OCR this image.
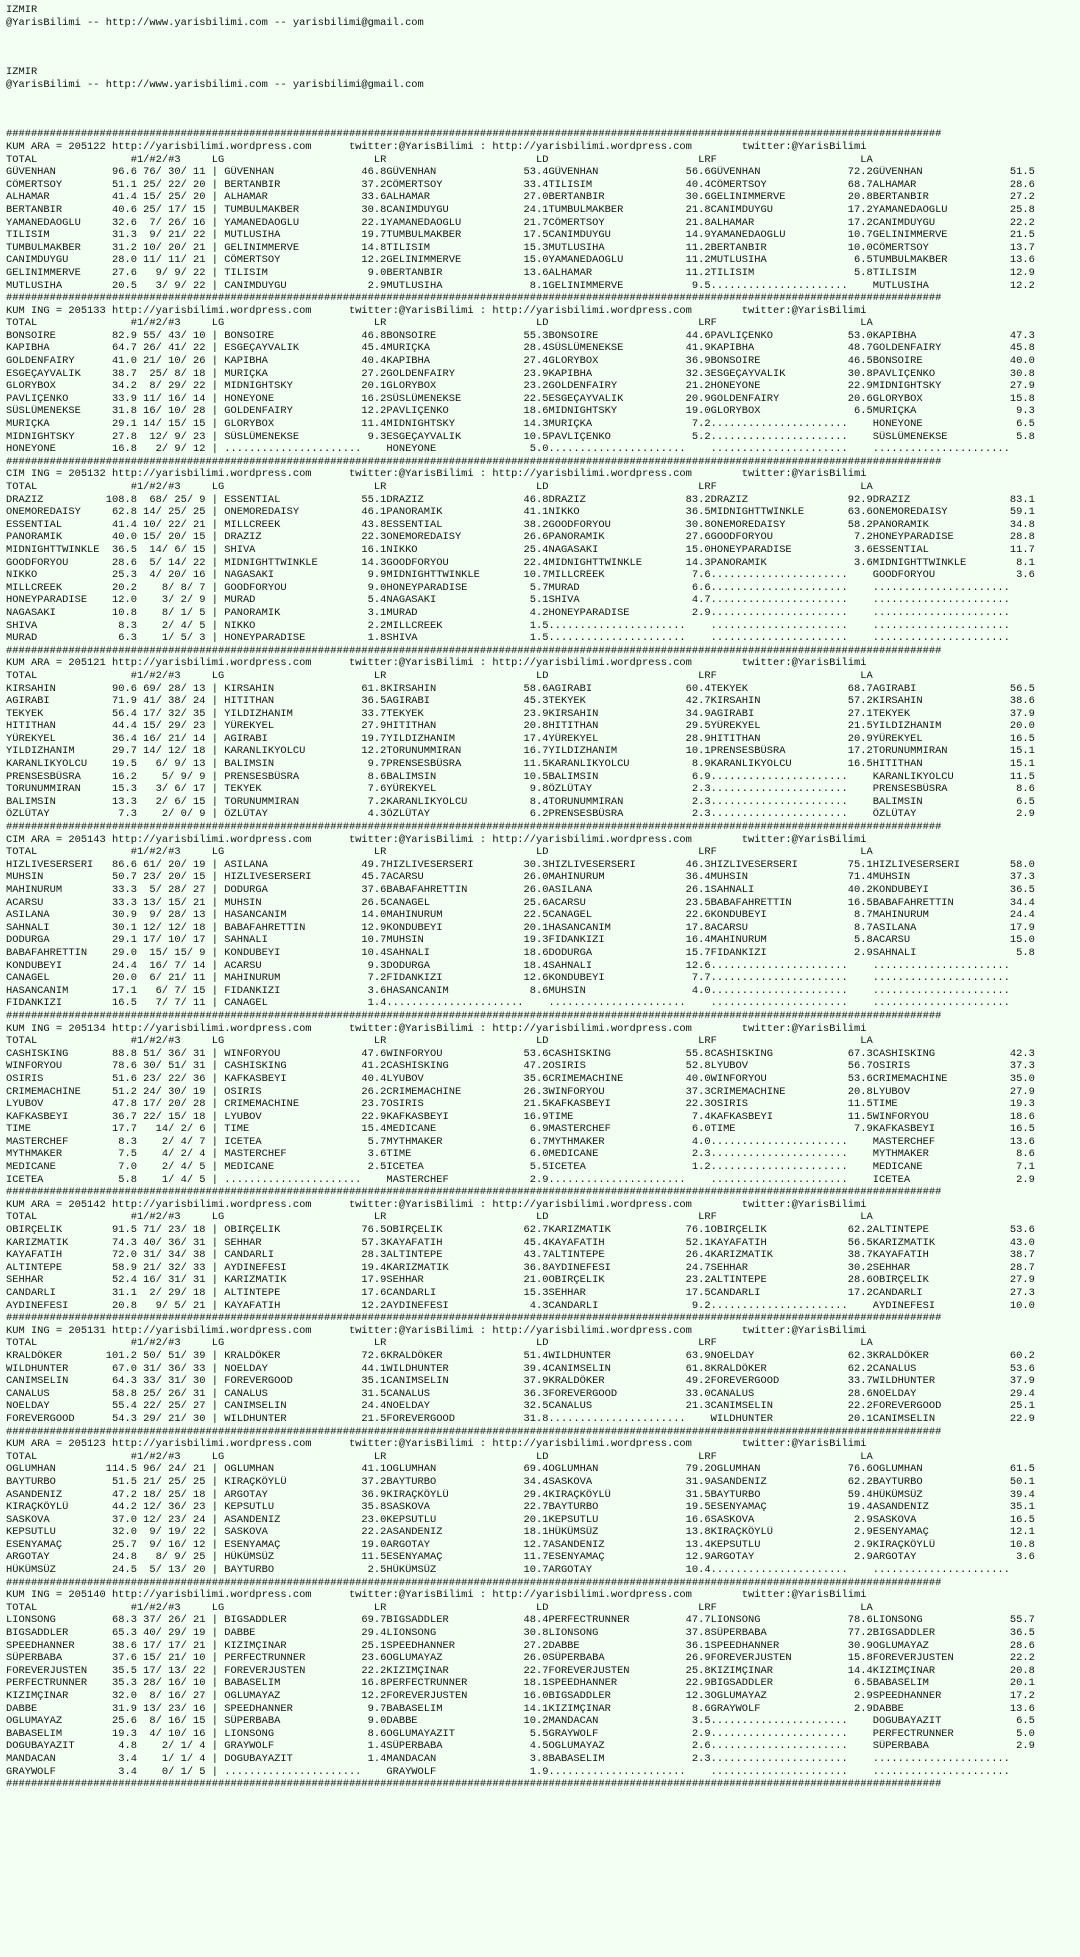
IZMIR
@YarisBilimi -- http://www.yarisbilimi.com -- yarisbilimi@gmail.com
IZMIR
@YarisBilimi -- http://www.yarisbilimi.com -- yarisbilimi@gmail.com
######################################################################################################################################################
KUM ARA = 205122 http://yarisbilimi.wordpress.com      twitter:@YarisBilimi : http://yarisbilimi.wordpress.com        twitter:@YarisBilimi
TOTAL               #1/#2/#3     LG                        LR                        LD                        LRF                       LA
GÜVENHAN         96.6 76/ 30/ 11 | GÜVENHAN              46.8GÜVENHAN              53.4GÜVENHAN              56.6GÜVENHAN              72.2GÜVENHAN              51.5
CÖMERTSOY        51.1 25/ 22/ 20 | BERTANBIR             37.2CÖMERTSOY             33.4TILISIM               40.4CÖMERTSOY             68.7ALHAMAR               28.6
ALHAMAR          41.4 15/ 25/ 20 | ALHAMAR               33.6ALHAMAR               27.0BERTANBIR             30.6GELINIMMERVE          20.8BERTANBIR             27.2
BERTANBIR        40.6 25/ 17/ 15 | TUMBULMAKBER          30.8CANIMDUYGU            24.1TUMBULMAKBER          21.8CANIMDUYGU            17.2YAMANEDAOGLU          25.8
YAMANEDAOGLU     32.6  7/ 26/ 16 | YAMANEDAOGLU          22.1YAMANEDAOGLU          21.7CÖMERTSOY             21.8ALHAMAR               17.2CANIMDUYGU            22.2
TILISIM          31.3  9/ 21/ 22 | MUTLUSIHA             19.7TUMBULMAKBER          17.5CANIMDUYGU            14.9YAMANEDAOGLU          10.7GELINIMMERVE          21.5
TUMBULMAKBER     31.2 10/ 20/ 21 | GELINIMMERVE          14.8TILISIM               15.3MUTLUSIHA             11.2BERTANBIR             10.0CÖMERTSOY             13.7
CANIMDUYGU       28.0 11/ 11/ 21 | CÖMERTSOY             12.2GELINIMMERVE          15.0YAMANEDAOGLU          11.2MUTLUSIHA              6.5TUMBULMAKBER          13.6
GELINIMMERVE     27.6   9/ 9/ 22 | TILISIM                9.0BERTANBIR             13.6ALHAMAR               11.2TILISIM                5.8TILISIM               12.9
MUTLUSIHA        20.5   3/ 9/ 22 | CANIMDUYGU             2.9MUTLUSIHA              8.1GELINIMMERVE           9.5......................    MUTLUSIHA             12.2
######################################################################################################################################################
KUM ING = 205133 http://yarisbilimi.wordpress.com      twitter:@YarisBilimi : http://yarisbilimi.wordpress.com        twitter:@YarisBilimi
TOTAL               #1/#2/#3     LG                        LR                        LD                        LRF                       LA
BONSOIRE         82.9 55/ 43/ 10 | BONSOIRE              46.8BONSOIRE              55.3BONSOIRE              44.6PAVLIÇENKO            53.0KAPIBHA               47.3
KAPIBHA          64.7 26/ 41/ 22 | ESGEÇAYVALIK          45.4MURIÇKA               28.4SÜSLÜMENEKSE          41.9KAPIBHA               48.7GOLDENFAIRY           45.8
GOLDENFAIRY      41.0 21/ 10/ 26 | KAPIBHA               40.4KAPIBHA               27.4GLORYBOX              36.9BONSOIRE              46.5BONSOIRE              40.0
ESGEÇAYVALIK     38.7  25/ 8/ 18 | MURIÇKA               27.2GOLDENFAIRY           23.9KAPIBHA               32.3ESGEÇAYVALIK          30.8PAVLIÇENKO            30.8
GLORYBOX         34.2  8/ 29/ 22 | MIDNIGHTSKY           20.1GLORYBOX              23.2GOLDENFAIRY           21.2HONEYONE              22.9MIDNIGHTSKY           27.9
PAVLIÇENKO       33.9 11/ 16/ 14 | HONEYONE              16.2SÜSLÜMENEKSE          22.5ESGEÇAYVALIK          20.9GOLDENFAIRY           20.6GLORYBOX              15.8
SÜSLÜMENEKSE     31.8 16/ 10/ 28 | GOLDENFAIRY           12.2PAVLIÇENKO            18.6MIDNIGHTSKY           19.0GLORYBOX               6.5MURIÇKA                9.3
MURIÇKA          29.1 14/ 15/ 15 | GLORYBOX              11.4MIDNIGHTSKY           14.3MURIÇKA                7.2......................    HONEYONE               6.5
MIDNIGHTSKY      27.8  12/ 9/ 23 | SÜSLÜMENEKSE           9.3ESGEÇAYVALIK          10.5PAVLIÇENKO             5.2......................    SÜSLÜMENEKSE           5.8
HONEYONE         16.8   2/ 9/ 12 | ......................    HONEYONE               5.0......................    ......................    ......................
######################################################################################################################################################
CIM ING = 205132 http://yarisbilimi.wordpress.com      twitter:@YarisBilimi : http://yarisbilimi.wordpress.com        twitter:@YarisBilimi
TOTAL               #1/#2/#3     LG                        LR                        LD                        LRF                       LA
DRAZIZ          108.8  68/ 25/ 9 | ESSENTIAL             55.1DRAZIZ                46.8DRAZIZ                83.2DRAZIZ                92.9DRAZIZ                83.1
ONEMOREDAISY     62.8 14/ 25/ 25 | ONEMOREDAISY          46.1PANORAMIK             41.1NIKKO                 36.5MIDNIGHTTWINKLE       63.6ONEMOREDAISY          59.1
ESSENTIAL        41.4 10/ 22/ 21 | MILLCREEK             43.8ESSENTIAL             38.2GOODFORYOU            30.8ONEMOREDAISY          58.2PANORAMIK             34.8
PANORAMIK        40.0 15/ 20/ 15 | DRAZIZ                22.3ONEMOREDAISY          26.6PANORAMIK             27.6GOODFORYOU             7.2HONEYPARADISE         28.8
MIDNIGHTTWINKLE  36.5  14/ 6/ 15 | SHIVA                 16.1NIKKO                 25.4NAGASAKI              15.0HONEYPARADISE          3.6ESSENTIAL             11.7
GOODFORYOU       28.6  5/ 14/ 22 | MIDNIGHTTWINKLE       14.3GOODFORYOU            22.4MIDNIGHTTWINKLE       14.3PANORAMIK              3.6MIDNIGHTTWINKLE        8.1
NIKKO            25.3  4/ 20/ 16 | NAGASAKI               9.9MIDNIGHTTWINKLE       10.7MILLCREEK              7.6......................    GOODFORYOU             3.6
MILLCREEK        20.2    8/ 8/ 7 | GOODFORYOU             9.0HONEYPARADISE          5.7MURAD                  6.6......................    ......................
HONEYPARADISE    12.0    3/ 2/ 9 | MURAD                  5.4NAGASAKI               5.1SHIVA                  4.7......................    ......................
NAGASAKI         10.8    8/ 1/ 5 | PANORAMIK              3.1MURAD                  4.2HONEYPARADISE          2.9......................    ......................
SHIVA             8.3    2/ 4/ 5 | NIKKO                  2.2MILLCREEK              1.5......................    ......................    ......................
MURAD             6.3    1/ 5/ 3 | HONEYPARADISE          1.8SHIVA                  1.5......................    ......................    ......................
######################################################################################################################################################
KUM ARA = 205121 http://yarisbilimi.wordpress.com      twitter:@YarisBilimi : http://yarisbilimi.wordpress.com        twitter:@YarisBilimi
TOTAL               #1/#2/#3     LG                        LR                        LD                        LRF                       LA
KIRSAHIN         90.6 69/ 28/ 13 | KIRSAHIN              61.8KIRSAHIN              58.6AGIRABI               60.4TEKYEK                68.7AGIRABI               56.5
AGIRABI          71.9 41/ 38/ 24 | HITITHAN              36.5AGIRABI               45.3TEKYEK                42.7KIRSAHIN              57.2KIRSAHIN              38.6
TEKYEK           56.4 17/ 32/ 35 | YILDIZHANIM           33.7TEKYEK                23.9KIRSAHIN              34.9AGIRABI               27.1TEKYEK                37.9
HITITHAN         44.4 15/ 29/ 23 | YÜREKYEL              27.9HITITHAN              20.8HITITHAN              29.5YÜREKYEL              21.5YILDIZHANIM           20.0
YÜREKYEL         36.4 16/ 21/ 14 | AGIRABI               19.7YILDIZHANIM           17.4YÜREKYEL              28.9HITITHAN              20.9YÜREKYEL              16.5
YILDIZHANIM      29.7 14/ 12/ 18 | KARANLIKYOLCU         12.2TORUNUMMIRAN          16.7YILDIZHANIM           10.1PRENSESBÜSRA          17.2TORUNUMMIRAN          15.1
KARANLIKYOLCU    19.5   6/ 9/ 13 | BALIMSIN               9.7PRENSESBÜSRA          11.5KARANLIKYOLCU          8.9KARANLIKYOLCU         16.5HITITHAN              15.1
PRENSESBÜSRA     16.2    5/ 9/ 9 | PRENSESBÜSRA           8.6BALIMSIN              10.5BALIMSIN               6.9......................    KARANLIKYOLCU         11.5
TORUNUMMIRAN     15.3   3/ 6/ 17 | TEKYEK                 7.6YÜREKYEL               9.8ÖZLÜTAY                2.3......................    PRENSESBÜSRA           8.6
BALIMSIN         13.3   2/ 6/ 15 | TORUNUMMIRAN           7.2KARANLIKYOLCU          8.4TORUNUMMIRAN           2.3......................    BALIMSIN               6.5
ÖZLÜTAY           7.3    2/ 0/ 9 | ÖZLÜTAY                4.3ÖZLÜTAY                6.2PRENSESBÜSRA           2.3......................    ÖZLÜTAY                2.9
######################################################################################################################################################
CIM ARA = 205143 http://yarisbilimi.wordpress.com      twitter:@YarisBilimi : http://yarisbilimi.wordpress.com        twitter:@YarisBilimi
TOTAL               #1/#2/#3     LG                        LR                        LD                        LRF                       LA
HIZLIVESERSERI   86.6 61/ 20/ 19 | ASILANA               49.7HIZLIVESERSERI        30.3HIZLIVESERSERI        46.3HIZLIVESERSERI        75.1HIZLIVESERSERI        58.0
MUHSIN           50.7 23/ 20/ 15 | HIZLIVESERSERI        45.7ACARSU                26.0MAHINURUM             36.4MUHSIN                71.4MUHSIN                37.3
MAHINURUM        33.3  5/ 28/ 27 | DODURGA               37.6BABAFAHRETTIN         26.0ASILANA               26.1SAHNALI               40.2KONDUBEYI             36.5
ACARSU           33.3 13/ 15/ 21 | MUHSIN                26.5CANAGEL               25.6ACARSU                23.5BABAFAHRETTIN         16.5BABAFAHRETTIN         34.4
ASILANA          30.9  9/ 28/ 13 | HASANCANIM            14.0MAHINURUM             22.5CANAGEL               22.6KONDUBEYI              8.7MAHINURUM             24.4
SAHNALI          30.1 12/ 12/ 18 | BABAFAHRETTIN         12.9KONDUBEYI             20.1HASANCANIM            17.8ACARSU                 8.7ASILANA               17.9
DODURGA          29.1 17/ 10/ 17 | SAHNALI               10.7MUHSIN                19.3FIDANKIZI             16.4MAHINURUM              5.8ACARSU                15.0
BABAFAHRETTIN    29.0  15/ 15/ 9 | KONDUBEYI             10.4SAHNALI               18.6DODURGA               15.7FIDANKIZI              2.9SAHNALI                5.8
KONDUBEYI        24.4  16/ 7/ 14 | ACARSU                 9.3DODURGA               18.4SAHNALI               12.6......................    ......................
CANAGEL          20.0  6/ 21/ 11 | MAHINURUM              7.2FIDANKIZI             12.6KONDUBEYI              7.7......................    ......................
HASANCANIM       17.1   6/ 7/ 15 | FIDANKIZI              3.6HASANCANIM             8.6MUHSIN                 4.0......................    ......................
FIDANKIZI        16.5   7/ 7/ 11 | CANAGEL                1.4......................    ......................    ......................    ......................
######################################################################################################################################################
KUM ING = 205134 http://yarisbilimi.wordpress.com      twitter:@YarisBilimi : http://yarisbilimi.wordpress.com        twitter:@YarisBilimi
TOTAL               #1/#2/#3     LG                        LR                        LD                        LRF                       LA
CASHISKING       88.8 51/ 36/ 31 | WINFORYOU             47.6WINFORYOU             53.6CASHISKING            55.8CASHISKING            67.3CASHISKING            42.3
WINFORYOU        78.6 30/ 51/ 31 | CASHISKING            41.2CASHISKING            47.2OSIRIS                52.8LYUBOV                56.7OSIRIS                37.3
OSIRIS           51.6 23/ 22/ 36 | KAFKASBEYI            40.4LYUBOV                35.6CRIMEMACHINE          40.0WINFORYOU             53.6CRIMEMACHINE          35.0
CRIMEMACHINE     51.2 24/ 30/ 19 | OSIRIS                26.2CRIMEMACHINE          26.3WINFORYOU             37.3CRIMEMACHINE          20.8LYUBOV                27.9
LYUBOV           47.8 17/ 20/ 28 | CRIMEMACHINE          23.7OSIRIS                21.5KAFKASBEYI            22.3OSIRIS                11.5TIME                  19.3
KAFKASBEYI       36.7 22/ 15/ 18 | LYUBOV                22.9KAFKASBEYI            16.9TIME                   7.4KAFKASBEYI            11.5WINFORYOU             18.6
TIME             17.7   14/ 2/ 6 | TIME                  15.4MEDICANE               6.9MASTERCHEF             6.0TIME                   7.9KAFKASBEYI            16.5
MASTERCHEF        8.3    2/ 4/ 7 | ICETEA                 5.7MYTHMAKER              6.7MYTHMAKER              4.0......................    MASTERCHEF            13.6
MYTHMAKER         7.5    4/ 2/ 4 | MASTERCHEF             3.6TIME                   6.0MEDICANE               2.3......................    MYTHMAKER              8.6
MEDICANE          7.0    2/ 4/ 5 | MEDICANE               2.5ICETEA                 5.5ICETEA                 1.2......................    MEDICANE               7.1
ICETEA            5.8    1/ 4/ 5 | ......................    MASTERCHEF             2.9......................    ......................    ICETEA                 2.9
######################################################################################################################################################
KUM ARA = 205142 http://yarisbilimi.wordpress.com      twitter:@YarisBilimi : http://yarisbilimi.wordpress.com        twitter:@YarisBilimi
TOTAL               #1/#2/#3     LG                        LR                        LD                        LRF                       LA
OBIRÇELIK        91.5 71/ 23/ 18 | OBIRÇELIK             76.5OBIRÇELIK             62.7KARIZMATIK            76.1OBIRÇELIK             62.2ALTINTEPE             53.6
KARIZMATIK       74.3 40/ 36/ 31 | SEHHAR                57.3KAYAFATIH             45.4KAYAFATIH             52.1KAYAFATIH             56.5KARIZMATIK            43.0
KAYAFATIH        72.0 31/ 34/ 38 | CANDARLI              28.3ALTINTEPE             43.7ALTINTEPE             26.4KARIZMATIK            38.7KAYAFATIH             38.7
ALTINTEPE        58.9 21/ 32/ 33 | AYDINEFESI            19.4KARIZMATIK            36.8AYDINEFESI            24.7SEHHAR                30.2SEHHAR                28.7
SEHHAR           52.4 16/ 31/ 31 | KARIZMATIK            17.9SEHHAR                21.0OBIRÇELIK             23.2ALTINTEPE             28.6OBIRÇELIK             27.9
CANDARLI         31.1  2/ 29/ 18 | ALTINTEPE             17.6CANDARLI              15.3SEHHAR                17.5CANDARLI              17.2CANDARLI              27.3
AYDINEFESI       20.8   9/ 5/ 21 | KAYAFATIH             12.2AYDINEFESI             4.3CANDARLI               9.2......................    AYDINEFESI            10.0
######################################################################################################################################################
KUM ING = 205131 http://yarisbilimi.wordpress.com      twitter:@YarisBilimi : http://yarisbilimi.wordpress.com        twitter:@YarisBilimi
TOTAL               #1/#2/#3     LG                        LR                        LD                        LRF                       LA
KRALDÖKER       101.2 50/ 51/ 39 | KRALDÖKER             72.6KRALDÖKER             51.4WILDHUNTER            63.9NOELDAY               62.3KRALDÖKER             60.2
WILDHUNTER       67.0 31/ 36/ 33 | NOELDAY               44.1WILDHUNTER            39.4CANIMSELIN            61.8KRALDÖKER             62.2CANALUS               53.6
CANIMSELIN       64.3 33/ 31/ 30 | FOREVERGOOD           35.1CANIMSELIN            37.9KRALDÖKER             49.2FOREVERGOOD           33.7WILDHUNTER            37.9
CANALUS          58.8 25/ 26/ 31 | CANALUS               31.5CANALUS               36.3FOREVERGOOD           33.0CANALUS               28.6NOELDAY               29.4
NOELDAY          55.4 22/ 25/ 27 | CANIMSELIN            24.4NOELDAY               32.5CANALUS               21.3CANIMSELIN            22.2FOREVERGOOD           25.1
FOREVERGOOD      54.3 29/ 21/ 30 | WILDHUNTER            21.5FOREVERGOOD           31.8......................    WILDHUNTER            20.1CANIMSELIN            22.9
######################################################################################################################################################
KUM ARA = 205123 http://yarisbilimi.wordpress.com      twitter:@YarisBilimi : http://yarisbilimi.wordpress.com        twitter:@YarisBilimi
TOTAL               #1/#2/#3     LG                        LR                        LD                        LRF                       LA
OGLUMHAN        114.5 96/ 24/ 21 | OGLUMHAN              41.1OGLUMHAN              69.4OGLUMHAN              79.2OGLUMHAN              76.6OGLUMHAN              61.5
BAYTURBO         51.5 21/ 25/ 25 | KIRAÇKÖYLÜ            37.2BAYTURBO              34.4SASKOVA               31.9ASANDENIZ             62.2BAYTURBO              50.1
ASANDENIZ        47.2 18/ 25/ 18 | ARGOTAY               36.9KIRAÇKÖYLÜ            29.4KIRAÇKÖYLÜ            31.5BAYTURBO              59.4HÜKÜMSÜZ              39.4
KIRAÇKÖYLÜ       44.2 12/ 36/ 23 | KEPSUTLU              35.8SASKOVA               22.7BAYTURBO              19.5ESENYAMAÇ             19.4ASANDENIZ             35.1
SASKOVA          37.0 12/ 23/ 24 | ASANDENIZ             23.0KEPSUTLU              20.1KEPSUTLU              16.6SASKOVA                2.9SASKOVA               16.5
KEPSUTLU         32.0  9/ 19/ 22 | SASKOVA               22.2ASANDENIZ             18.1HÜKÜMSÜZ              13.8KIRAÇKÖYLÜ             2.9ESENYAMAÇ             12.1
ESENYAMAÇ        25.7  9/ 16/ 12 | ESENYAMAÇ             19.0ARGOTAY               12.7ASANDENIZ             13.4KEPSUTLU               2.9KIRAÇKÖYLÜ            10.8
ARGOTAY          24.8   8/ 9/ 25 | HÜKÜMSÜZ              11.5ESENYAMAÇ             11.7ESENYAMAÇ             12.9ARGOTAY                2.9ARGOTAY                3.6
HÜKÜMSÜZ         24.5  5/ 13/ 20 | BAYTURBO               2.5HÜKÜMSÜZ              10.7ARGOTAY               10.4......................    ......................
######################################################################################################################################################
KUM ING = 205140 http://yarisbilimi.wordpress.com      twitter:@YarisBilimi : http://yarisbilimi.wordpress.com        twitter:@YarisBilimi
TOTAL               #1/#2/#3     LG                        LR                        LD                        LRF                       LA
LIONSONG         68.3 37/ 26/ 21 | BIGSADDLER            69.7BIGSADDLER            48.4PERFECTRUNNER         47.7LIONSONG              78.6LIONSONG              55.7
BIGSADDLER       65.3 40/ 29/ 19 | DABBE                 29.4LIONSONG              30.8LIONSONG              37.8SÜPERBABA             77.2BIGSADDLER            36.5
SPEEDHANNER      38.6 17/ 17/ 21 | KIZIMÇINAR            25.1SPEEDHANNER           27.2DABBE                 36.1SPEEDHANNER           30.9OGLUMAYAZ             28.6
SÜPERBABA        37.6 15/ 21/ 10 | PERFECTRUNNER         23.6OGLUMAYAZ             26.0SÜPERBABA             26.9FOREVERJUSTEN         15.8FOREVERJUSTEN         22.2
FOREVERJUSTEN    35.5 17/ 13/ 22 | FOREVERJUSTEN         22.2KIZIMÇINAR            22.7FOREVERJUSTEN         25.8KIZIMÇINAR            14.4KIZIMÇINAR            20.8
PERFECTRUNNER    35.3 28/ 16/ 10 | BABASELIM             16.8PERFECTRUNNER         18.1SPEEDHANNER           22.9BIGSADDLER             6.5BABASELIM             20.1
KIZIMÇINAR       32.0  8/ 16/ 27 | OGLUMAYAZ             12.2FOREVERJUSTEN         16.0BIGSADDLER            12.3OGLUMAYAZ              2.9SPEEDHANNER           17.2
DABBE            31.9 13/ 23/ 16 | SPEEDHANNER            9.7BABASELIM             14.1KIZIMÇINAR             8.6GRAYWOLF               2.9DABBE                 13.6
OGLUMAYAZ        25.6  8/ 16/ 15 | SÜPERBABA              9.0DABBE                 10.2MANDACAN               3.5......................    DOGUBAYAZIT            6.5
BABASELIM        19.3  4/ 10/ 16 | LIONSONG               8.6OGLUMAYAZIT            5.5GRAYWOLF               2.9......................    PERFECTRUNNER          5.0
DOGUBAYAZIT       4.8    2/ 1/ 4 | GRAYWOLF               1.4SÜPERBABA              4.5OGLUMAYAZ              2.6......................    SÜPERBABA              2.9
MANDACAN          3.4    1/ 1/ 4 | DOGUBAYAZIT            1.4MANDACAN               3.8BABASELIM              2.3......................    ......................
GRAYWOLF          3.4    0/ 1/ 5 | ......................    GRAYWOLF               1.9......................    ......................    ......................
######################################################################################################################################################
